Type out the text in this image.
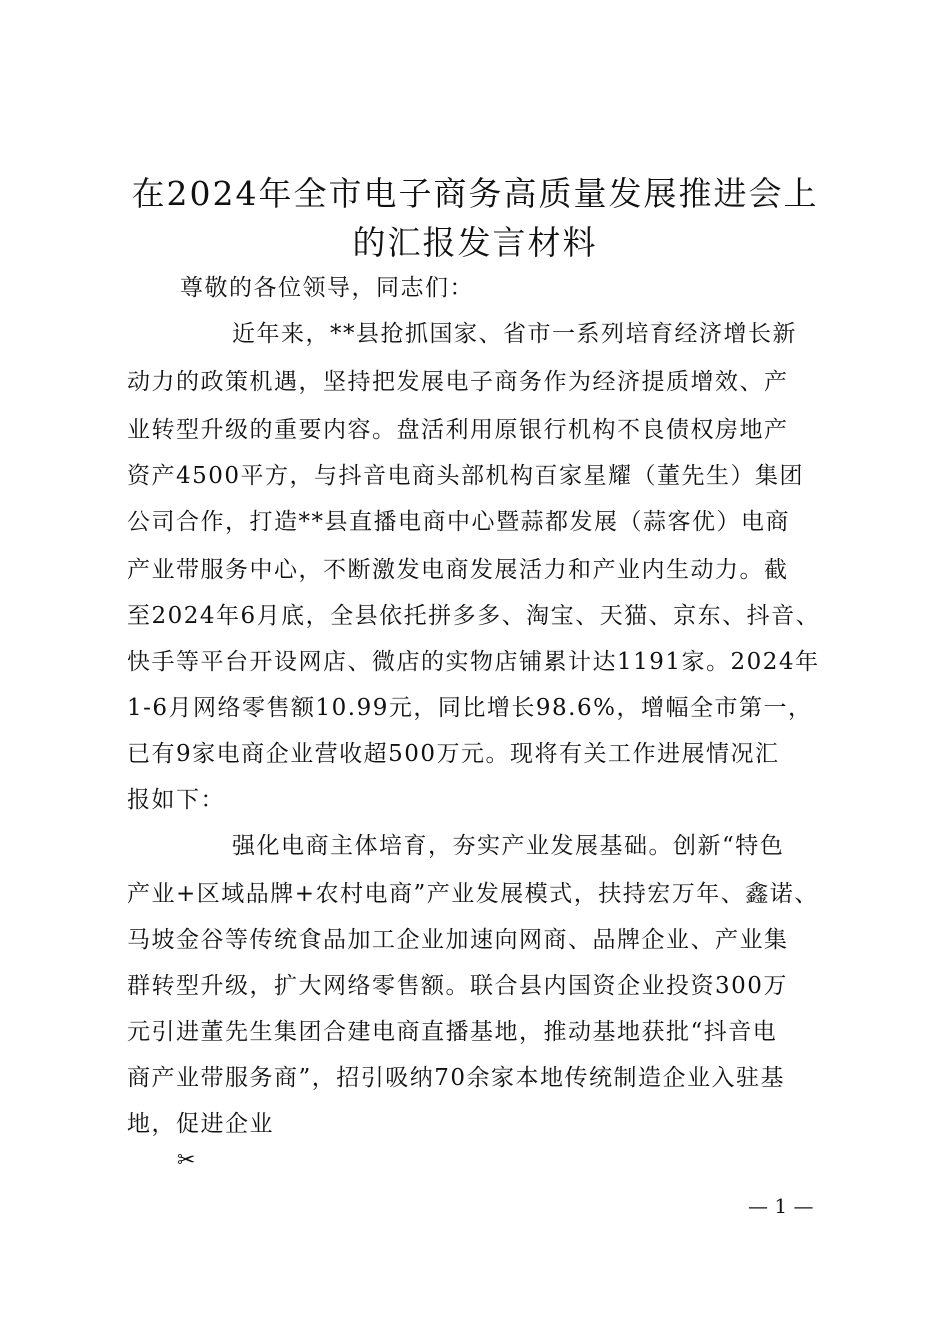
在2024年全市电子商务高质量发展推进会上
的汇报发言材料
尊敬的各位领导，同志们：
近年来，**县抢抓国家、省市一系列培育经济增长新
动力的政策机遇，坚持把发展电子商务作为经济提质增效、产
业转型升级的重要内容。盘活利用原银行机构不良债权房地产
资产4500平方，与抖音电商头部机构百家星耀（董先生）集团
公司合作，打造**县直播电商中心暨蒜都发展（蒜客优）电商
产业带服务中心，不断激发电商发展活力和产业内生动力。截
至2024年6月底，全县依托拼多多、淘宝、天猫、京东、抖音、
快手等平台开设网店、微店的实物店铺累计达1191家。2024年
1-6月网络零售额10.99元，同比增长98.6%，增幅全市第一，
已有9家电商企业营收超500万元。现将有关工作进展情况汇
报如下：
强化电商主体培育，夯实产业发展基础。创新“特色
产业+区域品牌+农村电商”产业发展模式，扶持宏万年、鑫诺、
马坡金谷等传统食品加工企业加速向网商、品牌企业、产业集
群转型升级，扩大网络零售额。联合县内国资企业投资300万
元引进董先生集团合建电商直播基地，推动基地获批“抖音电
商产业带服务商”，招引吸纳70余家本地传统制造企业入驻基
地，促进企业
✂
— 1 —
